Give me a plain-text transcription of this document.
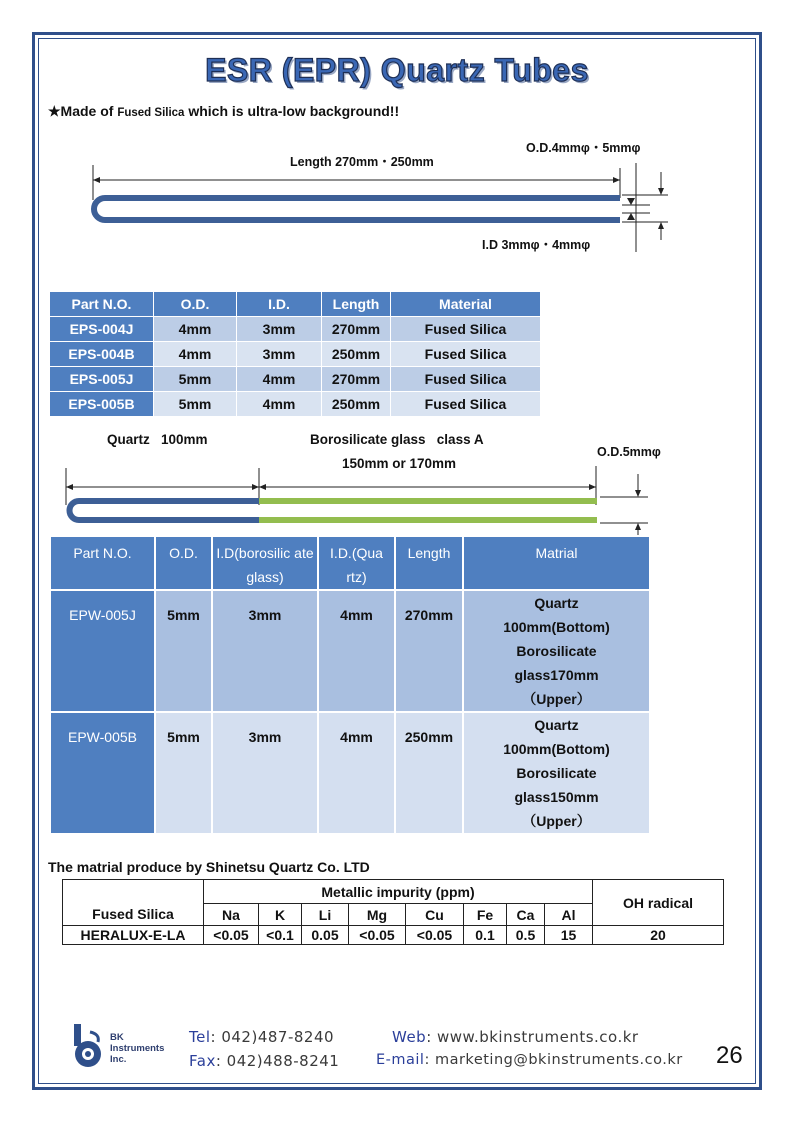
ESR (EPR) Quartz Tubes
★Made of Fused Silica which is ultra-low background!!
Length 270mm・250mm
O.D.4mmφ・5mmφ
I.D 3mmφ・4mmφ
Part N.O.	O.D.	I.D.	Length	Material
EPS-004J	4mm	3mm	270mm	Fused Silica
EPS-004B	4mm	3mm	250mm	Fused Silica
EPS-005J	5mm	4mm	270mm	Fused Silica
EPS-005B	5mm	4mm	250mm	Fused Silica
Quartz   100mm	Borosilicate glass   class A
150mm or 170mm
O.D.5mmφ
Part N.O.	O.D.	I.D(borosilic ate glass)	I.D.(Qua rtz)	Length	Matrial
EPW-005J	5mm	3mm	4mm	270mm	Quartz
100mm(Bottom)
Borosilicate
glass170mm
（Upper）

EPW-005B	5mm	3mm	4mm	250mm	Quartz
100mm(Bottom)
Borosilicate
glass150mm
（Upper）
The matrial produce by Shinetsu Quartz Co. LTD
	Metallic impurity (ppm)								OH radical
Fused Silica	Na	K	Li	Mg	Cu	Fe	Ca	Al	
HERALUX-E-LA	<0.05	<0.1	0.05	<0.05	<0.05	0.1	0.5	15	20
BK
Instruments
Inc.
Tel: 042)487-8240
Fax: 042)488-8241
Web: www.bkinstruments.co.kr
E-mail: marketing@bkinstruments.co.kr 26
